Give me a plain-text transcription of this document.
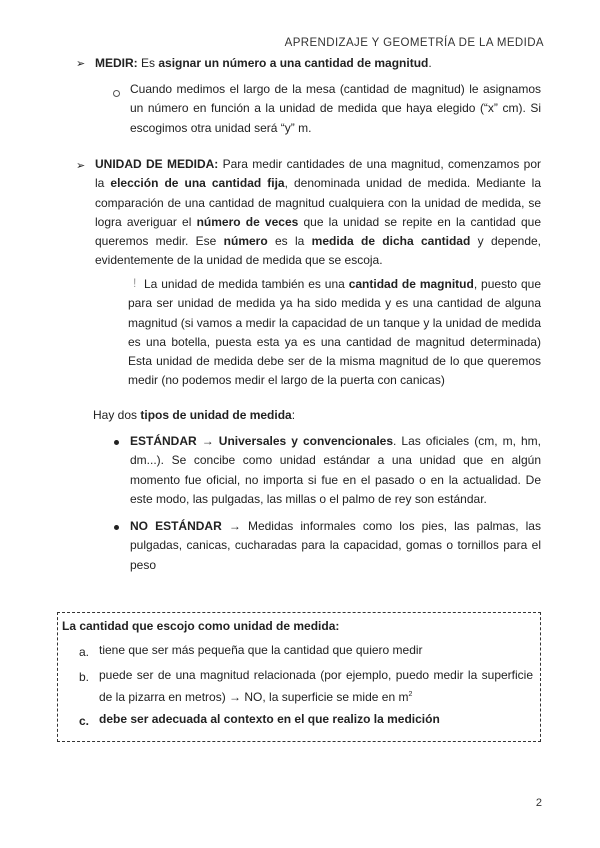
APRENDIZAJE Y GEOMETRÍA DE LA MEDIDA
➢ MEDIR: Es asignar un número a una cantidad de magnitud.
Cuando medimos el largo de la mesa (cantidad de magnitud) le asignamos un número en función a la unidad de medida que haya elegido (“x” cm). Si escogimos otra unidad será “y” m.
➢ UNIDAD DE MEDIDA: Para medir cantidades de una magnitud, comenzamos por la elección de una cantidad fija, denominada unidad de medida. Mediante la comparación de una cantidad de magnitud cualquiera con la unidad de medida, se logra averiguar el número de veces que la unidad se repite en la cantidad que queremos medir. Ese número es la medida de dicha cantidad y depende, evidentemente de la unidad de medida que se escoja.
! La unidad de medida también es una cantidad de magnitud, puesto que para ser unidad de medida ya ha sido medida y es una cantidad de alguna magnitud (si vamos a medir la capacidad de un tanque y la unidad de medida es una botella, puesta esta ya es una cantidad de magnitud determinada) Esta unidad de medida debe ser de la misma magnitud de lo que queremos medir (no podemos medir el largo de la puerta con canicas)
Hay dos tipos de unidad de medida:
ESTÁNDAR → Universales y convencionales. Las oficiales (cm, m, hm, dm...). Se concibe como unidad estándar a una unidad que en algún momento fue oficial, no importa si fue en el pasado o en la actualidad. De este modo, las pulgadas, las millas o el palmo de rey son estándar.
NO ESTÁNDAR → Medidas informales como los pies, las palmas, las pulgadas, canicas, cucharadas para la capacidad, gomas o tornillos para el peso
La cantidad que escojo como unidad de medida:
a. tiene que ser más pequeña que la cantidad que quiero medir
b. puede ser de una magnitud relacionada (por ejemplo, puedo medir la superficie de la pizarra en metros) → NO, la superficie se mide en $m^2$
c. debe ser adecuada al contexto en el que realizo la medición
2
